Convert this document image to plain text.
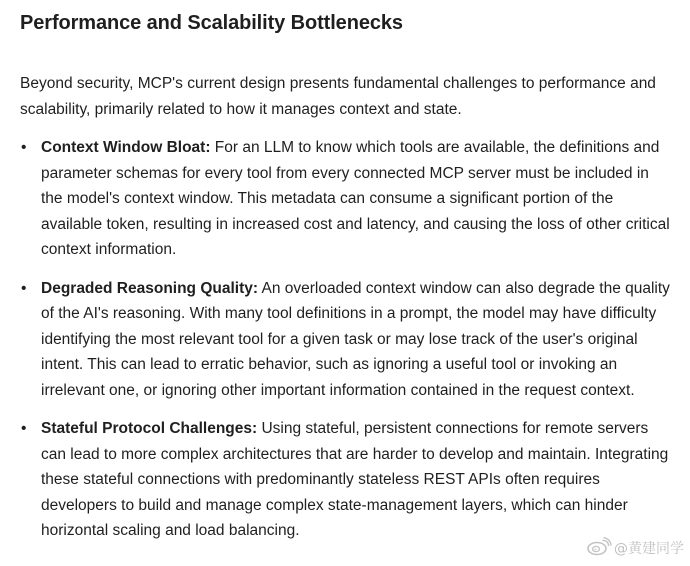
Performance and Scalability Bottlenecks

Beyond security, MCP's current design presents fundamental challenges to performance and scalability, primarily related to how it manages context and state.

• Context Window Bloat: For an LLM to know which tools are available, the definitions and parameter schemas for every tool from every connected MCP server must be included in the model's context window. This metadata can consume a significant portion of the available token, resulting in increased cost and latency, and causing the loss of other critical context information.
• Degraded Reasoning Quality: An overloaded context window can also degrade the quality of the AI's reasoning. With many tool definitions in a prompt, the model may have difficulty identifying the most relevant tool for a given task or may lose track of the user's original intent. This can lead to erratic behavior, such as ignoring a useful tool or invoking an irrelevant one, or ignoring other important information contained in the request context.
• Stateful Protocol Challenges: Using stateful, persistent connections for remote servers can lead to more complex architectures that are harder to develop and maintain. Integrating these stateful connections with predominantly stateless REST APIs often requires developers to build and manage complex state-management layers, which can hinder horizontal scaling and load balancing.
@黄建同学
